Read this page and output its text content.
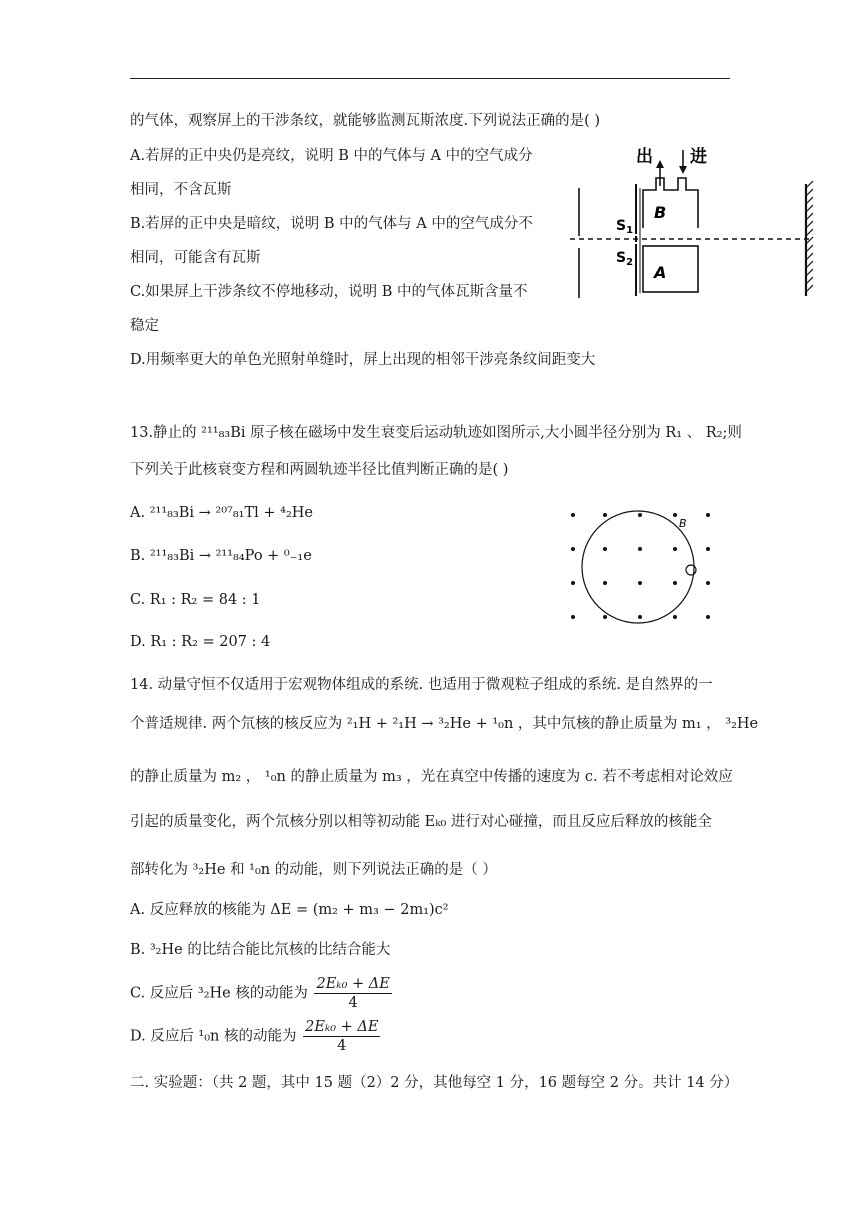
的气体，观察屏上的干涉条纹，就能够监测瓦斯浓度.下列说法正确的是( )
A.若屏的正中央仍是亮纹，说明 B 中的气体与 A 中的空气成分
相同，不含瓦斯
B.若屏的正中央是暗纹，说明 B 中的气体与 A 中的空气成分不
相同，可能含有瓦斯
C.如果屏上干涉条纹不停地移动，说明 B 中的气体瓦斯含量不
稳定
D.用频率更大的单色光照射单缝时，屏上出现的相邻干涉亮条纹间距变大
出 进
B
A
$S_1$
$S_2$
13.静止的 ²¹¹₈₃Bi 原子核在磁场中发生衰变后运动轨迹如图所示,大小圆半径分别为 R₁ 、 R₂;则
下列关于此核衰变方程和两圆轨迹半径比值判断正确的是( )
A. ²¹¹₈₃Bi → ²⁰⁷₈₁Tl + ⁴₂He
B. ²¹¹₈₃Bi → ²¹¹₈₄Po + ⁰₋₁e
C. R₁ : R₂ = 84 : 1
D. R₁ : R₂ = 207 : 4
B
14. 动量守恒不仅适用于宏观物体组成的系统. 也适用于微观粒子组成的系统. 是自然界的一
个普适规律. 两个氘核的核反应为 ²₁H + ²₁H → ³₂He + ¹₀n ，其中氘核的静止质量为 m₁ ， ³₂He
的静止质量为 m₂ ， ¹₀n 的静止质量为 m₃ ，光在真空中传播的速度为 c. 若不考虑相对论效应
引起的质量变化，两个氘核分别以相等初动能 Eₖ₀ 进行对心碰撞，而且反应后释放的核能全
部转化为 ³₂He 和 ¹₀n 的动能，则下列说法正确的是（ ）
A. 反应释放的核能为 ΔE = (m₂ + m₃ − 2m₁)c²
B. ³₂He 的比结合能比氘核的比结合能大
C. 反应后 ³₂He 核的动能为 $\frac{\text{2Eₖ₀ + ΔE}}{4}$
D. 反应后 ¹₀n 核的动能为 $\frac{\text{2Eₖ₀ + ΔE}}{4}$
二. 实验题：（共 2 题，其中 15 题（2）2 分，其他每空 1 分，16 题每空 2 分。共计 14 分）
